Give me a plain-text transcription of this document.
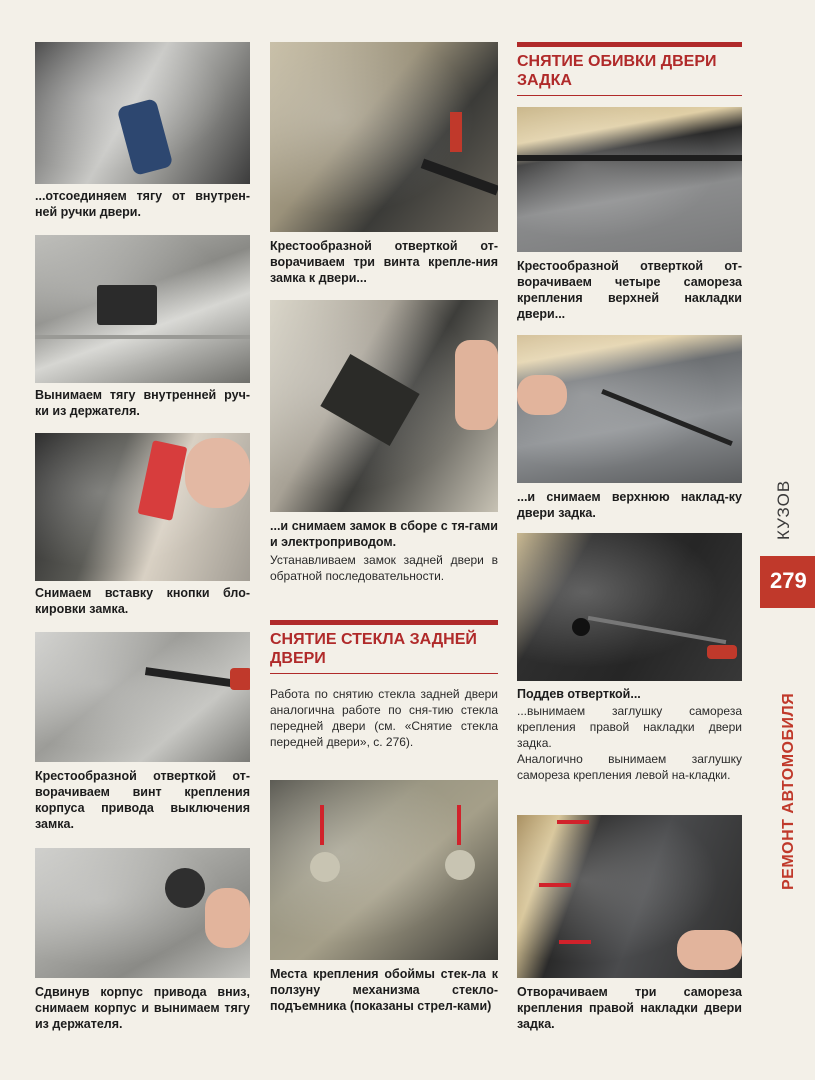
...отсоединяем тягу от внутрен-ней ручки двери.

Вынимаем тягу внутренней руч-ки из держателя.

Снимаем вставку кнопки бло-кировки замка.

Крестообразной отверткой от-ворачиваем винт крепления корпуса привода выключения замка.

Сдвинув корпус привода вниз, снимаем корпус и вынимаем тягу из держателя.

Крестообразной отверткой от-ворачиваем три винта крепле-ния замка к двери...

...и снимаем замок в сборе с тя-гами и электроприводом.

Устанавливаем замок задней двери в обратной последовательности.

СНЯТИЕ СТЕКЛА ЗАДНЕЙ ДВЕРИ

Работа по снятию стекла задней двери аналогична работе по сня-тию стекла передней двери (см. «Снятие стекла передней двери», с. 276).

Места крепления обоймы стек-ла к ползуну механизма стекло-подъемника (показаны стрел-ками)

СНЯТИЕ ОБИВКИ ДВЕРИ ЗАДКА

Крестообразной отверткой от-ворачиваем четыре самореза крепления верхней накладки двери...

...и снимаем верхнюю наклад-ку двери задка.

Поддев отверткой...

...вынимаем заглушку самореза крепления правой накладки двери задка.

Аналогично вынимаем заглушку самореза крепления левой на-кладки.

Отворачиваем три самореза крепления правой накладки двери задка.

КУЗОВ
279
РЕМОНТ АВТОМОБИЛЯ
